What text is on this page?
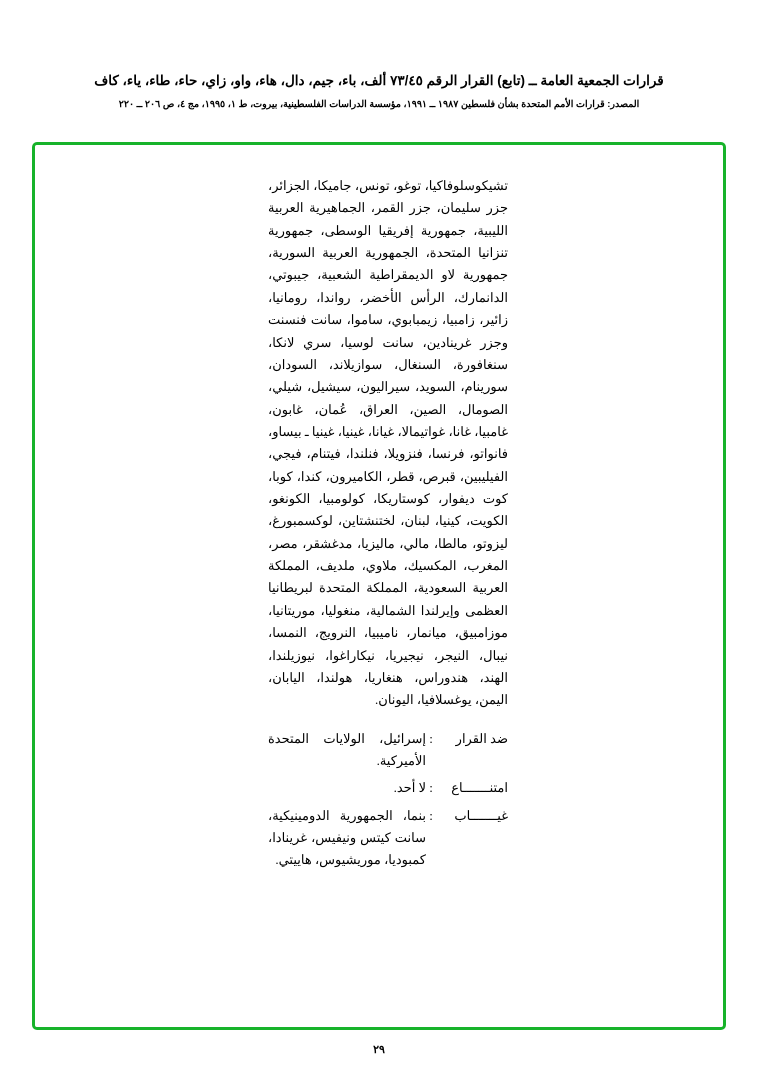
قرارات الجمعية العامة ــ (تابع) القرار الرقم ٧٣/٤٥ ألف، باء، جيم، دال، هاء، واو، زاي، حاء، طاء، ياء، كاف
المصدر: قرارات الأمم المتحدة بشأن فلسطين ١٩٨٧ ــ ١٩٩١، مؤسسة الدراسات الفلسطينية، بيروت، ط ١، ١٩٩٥، مج ٤، ص ٢٠٦ ــ ٢٢٠
تشيكوسلوفاكيا، توغو، تونس، جاميكا، الجزائر، جزر سليمان، جزر القمر، الجماهيرية العربية الليبية، جمهورية إفريقيا الوسطى، جمهورية تنزانيا المتحدة، الجمهورية العربية السورية، جمهورية لاو الديمقراطية الشعبية، جيبوتي، الدانمارك، الرأس الأخضر، رواندا، رومانيا، زائير، زامبيا، زيمبابوي، ساموا، سانت فنسنت وجزر غرينادين، سانت لوسيا، سري لانكا، سنغافورة، السنغال، سوازيلاند، السودان، سورينام، السويد، سيراليون، سيشيل، شيلي، الصومال، الصين، العراق، عُمان، غابون، غامبيا، غانا، غواتيمالا، غيانا، غينيا، غينيا ـ بيساو، فانواتو، فرنسا، فنزويلا، فنلندا، فيتنام، فيجي، الفيليبين، قبرص، قطر، الكاميرون، كندا، كوبا، كوت ديفوار، كوستاريكا، كولومبيا، الكونغو، الكويت، كينيا، لبنان، لختنشتاين، لوكسمبورغ، ليزوتو، مالطا، مالي، ماليزيا، مدغشقر، مصر، المغرب، المكسيك، ملاوي، ملديف، المملكة العربية السعودية، المملكة المتحدة لبريطانيا العظمى وإيرلندا الشمالية، منغوليا، موريتانيا، موزامبيق، ميانمار، ناميبيا، النرويج، النمسا، نيبال، النيجر، نيجيريا، نيكاراغوا، نيوزيلندا، الهند، هندوراس، هنغاريا، هولندا، اليابان، اليمن، يوغسلافيا، اليونان.
ضد القرار
:
إسرائيل، الولايات المتحدة الأميركية.
امتنـــــــاع
:
لا أحد.
غيـــــــاب
:
بنما، الجمهورية الدومينيكية، سانت كيتس ونيفيس، غرينادا، كمبوديا، موريشيوس، هاييتي.
٢٩
